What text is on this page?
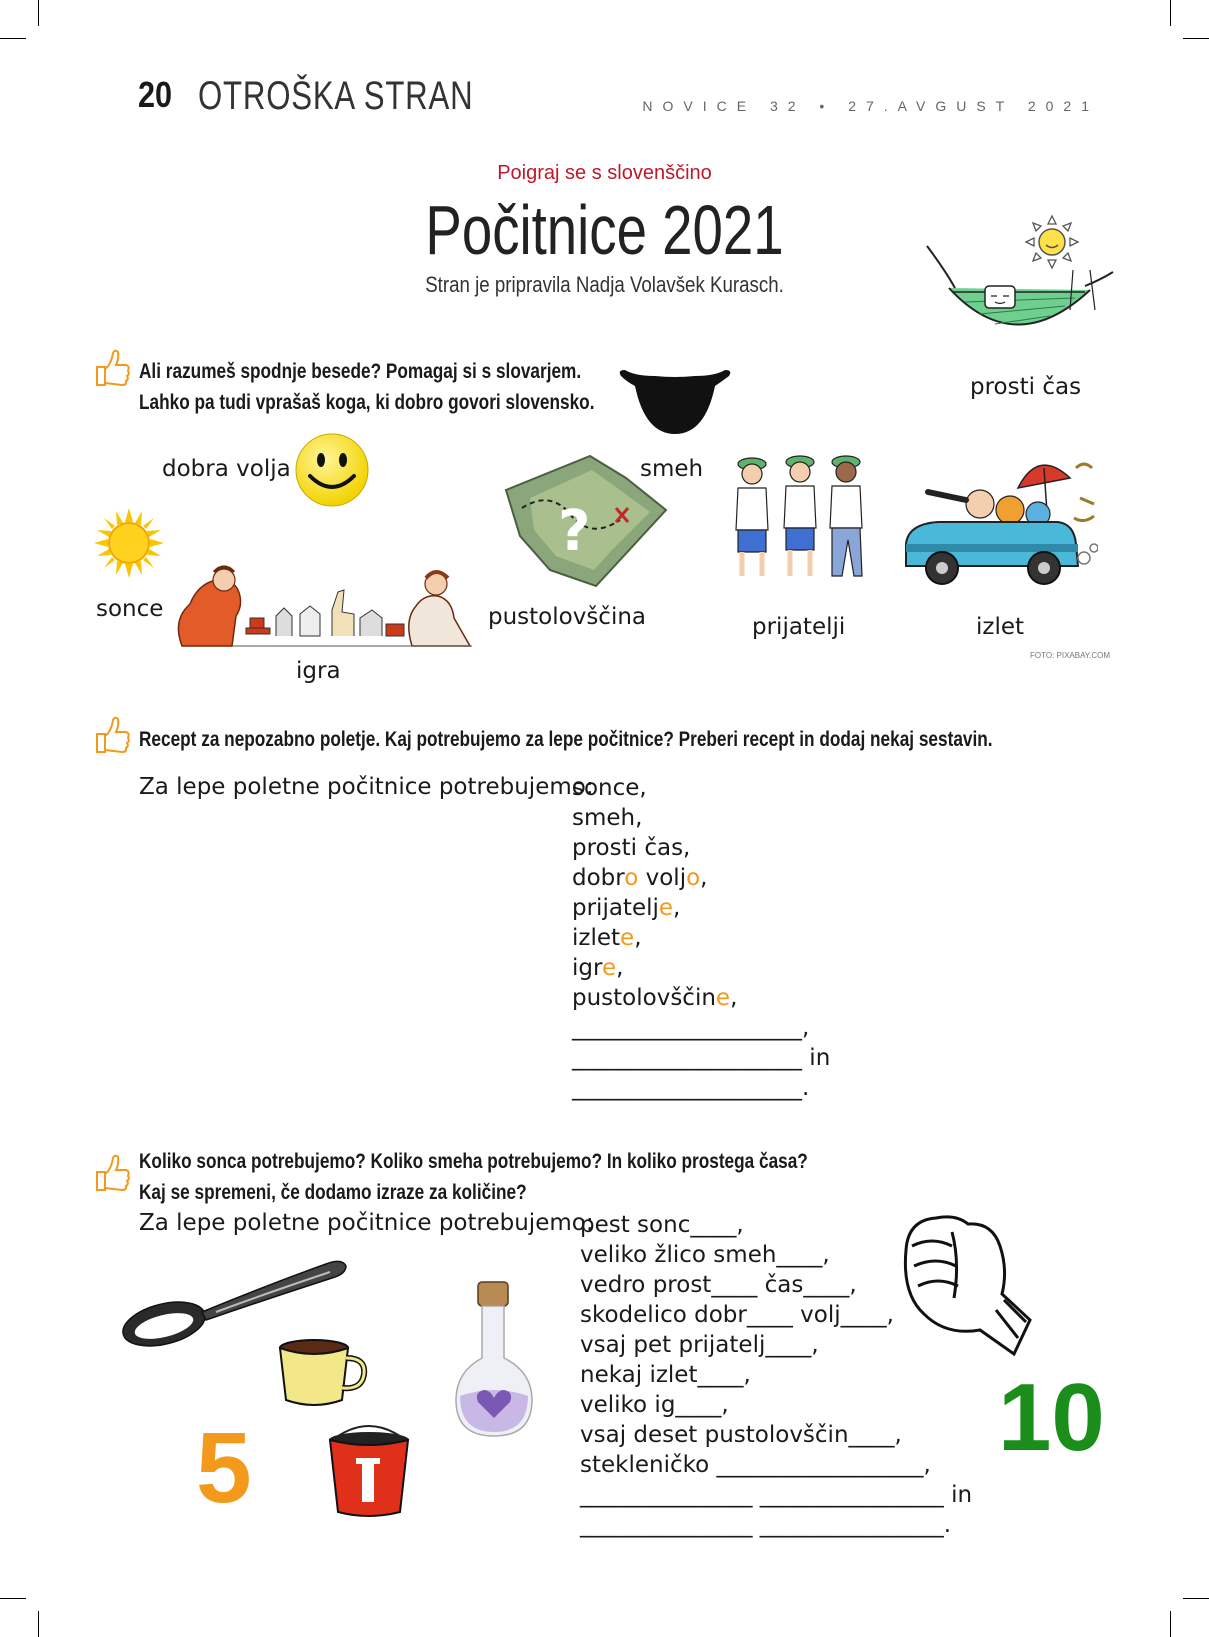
20 OTROŠKA STRAN	NOVICE 32 • 27.AVGUST 2021
Poigraj se s slovenščino
Počitnice 2021
Stran je pripravila Nadja Volavšek Kurasch.
prosti čas
Ali razumeš spodnje besede? Pomagaj si s slovarjem.
Lahko pa tudi vprašaš koga, ki dobro govori slovensko.
smeh
dobra volja
sonce
igra
?
pustolovščina	prijatelji	izlet
FOTO: PIXABAY.COM
Recept za nepozabno poletje. Kaj potrebujemo za lepe počitnice? Preberi recept in dodaj nekaj sestavin.
Za lepe poletne počitnice potrebujemo:
sonce,
smeh,
prosti čas,
dobro voljo,
prijatelje,
izlete,
igre,
pustolovščine,
____________________,
____________________ in
____________________.
Koliko sonca potrebujemo? Koliko smeha potrebujemo? In koliko prostega časa?
Kaj se spremeni, če dodamo izraze za količine?
Za lepe poletne počitnice potrebujemo:
pest sonc____,
veliko žlico smeh____,
vedro prost____ čas____,
skodelico dobr____ volj____,
vsaj pet prijatelj____,
nekaj izlet____,
veliko ig____,
vsaj deset pustolovščin____,
stekleničko __________________,
_______________ ________________ in
_______________ ________________.
5	10
